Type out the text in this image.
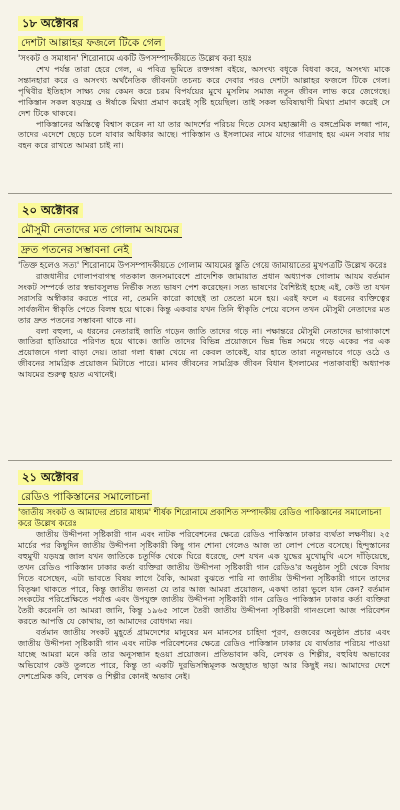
১৮ অক্টোবর
দেশটা আল্লাহর ফজলে টিকে গেল
'সংকট ও সমাধান' শিরোনামে একটি উপসম্পাদকীয়তে উল্লেখ করা হয়ঃ

শেখ পর্যন্ত তারা হেরে গেল, এ পবিত্র ভূমিতে রক্তগঙ্গা বইয়ে, অসংখ্য বধূকে বিধবা করে, অসংখ্য মাকে সন্তানহারা করে ও অসংখ্য অর্থনৈতিক জীবনটা তচনচ করে দেবার পরও দেশটা আল্লাহর ফজলে টিকে গেল। পৃথিবীর ইতিহাস সাক্ষ্য দেয় কেমন করে চরম বিপর্যয়ের মুখে মুসলিম সমাজ নতুন জীবন লাভ করে জেগেছে। পাকিস্তান সকল ষড়যন্ত্র ও ঈর্ষাকে মিথ্যা প্রমাণ করেই সৃষ্টি হয়েছিল। তাই সকল ভবিষ্যদ্বাণী মিথ্যা প্রমাণ করেই সে দেশ টিকে থাকবে।

পাকিস্তানের অস্তিত্বে বিশ্বাস করেন না যা তার আদর্শের পরিচয় দিতে যেসব মহাজ্ঞানী ও বঙ্গপ্রেমিক লজ্জা পান, তাদের এদেশে ছেড়ে চলে যাবার অধিকার আছে। পাকিস্তান ও ইসলামের নামে যাদের গাত্রদাহ হয় এমন সবার দায় বহন করে রাখতে আমরা চাই না।

২০ অক্টোবর
মৌসুমী নেতাদের মত গোলাম আযমের
দ্রুত পতনের সম্ভাবনা নেই
'তিক্ত হলেও সত্য' শিরোনামে উপসম্পাদকীয়তে গোলাম আযমের স্তুতি গেয়ে জামায়াতের মুখপত্রটি উল্লেখ করেঃ

রাজধানীর গোলাপবাগস্থ গতকাল জনসমাবেশে প্রাদেশিক জামায়াত প্রধান অধ্যাপক গোলাম আযম বর্তমান সংকট সম্পর্কে তার স্বভাবসুলভ নির্ভীক সত্য ভাষণ পেশ করেছেন। সত্য ভাষণের বৈশিষ্ট্যই হচ্ছে এই, কেউ তা যখন সরাসরি অস্বীকার করতে পারে না, তেমনি কারো কাছেই তা তেতো মনে হয়। এরই ফলে এ ধরনের ব্যক্তিত্বের সার্বজনীন স্বীকৃতি পেতে বিলম্ব হয়ে থাকে। কিন্তু একবার যখন তিনি স্বীকৃতি পেয়ে বসেন তখন মৌসুমী নেতাদের মত তার দ্রুত পতনের সম্ভাবনা থাকে না।

বলা বহুল্য, এ ধরনের নেতারাই জাতি গড়েন জাতি তাদের গড়ে না। পক্ষান্তরে মৌসুমী নেতাদের ভাগ্যাকাশে জাতিরা হাতিয়ারে পরিণত হয়ে থাকে। জাতি তাদের বিভিন্ন প্রয়োজনে ভিন্ন ভিন্ন সময়ে গড়ে একের পর এক প্রয়োজনে গলা বাড়া দেয়। তারা গলা ধাক্কা খেয়ে না কেবল তাকেই, যার হাতে তারা নতুনভাবে গড়ে ওঠে ও জীবনের সামগ্রিক প্রয়োজন মিটাতে পারে। মানব জীবনের সামগ্রিক জীবন বিধান ইসলামের পতাকাবাহী অধ্যাপক আযমের শুরুত্ব হয়ত এখানেই।

২১ অক্টোবর
রেডিও পাকিস্তানের সমালোচনা
'জাতীয় সংকট ও আমাদের প্রচার মাধ্যম' শীর্ষক শিরোনামে প্রকাশিত সম্পাদকীয় রেডিও পাকিস্তানের সমালোচনা করে উল্লেখ করেঃ

জাতীয় উদ্দীপনা সৃষ্টিকারী গান এবং নাটক পরিবেশনের ক্ষেত্রে রেডিও পাকিস্তান ঢাকার ব্যর্থতা লক্ষণীয়। ২৫ মার্চের পর কিছুদিন জাতীয় উদ্দীপনা সৃষ্টিকারী কিছু গান শোনা গেলেও আজ তা লোপ পেতে বসেছে। হিন্দুস্তানের বহুমুখী যড়যন্ত্র জাল যখন জাতিকে চতুর্দিক থেকে ঘিরে ধরেছে, দেশ যখন এক যুদ্ধের মুখোমুখি এসে দাঁড়িয়েছে, তখন রেডিও পাকিস্তান ঢাকার কর্তা ব্যক্তিরা জাতীয় উদ্দীপনা সৃষ্টিকারী গান রেডিও'র অনুষ্ঠান সূচী থেকে বিদায় দিতে বসেছেন, এটা ভাবতে বিষয় লাগে বৈকি, আমরা বুঝতে পারি না জাতীয় উদ্দীপনা সৃষ্টিকারী গানে তাদের বিতৃষ্ণা থাকতে পারে, কিন্তু জাতীয় জনতা যে তার আজ আমরা প্রয়োজন, একথা তারা ভুলে যান কেন? বর্তমান সংকটের পরিপ্রেক্ষিতে পর্যাপ্ত এবং উপযুক্ত জাতীয় উদ্দীপনা সৃষ্টিকারী গান রেডিও পাকিস্তান ঢাকার কর্তা ব্যক্তিরা তৈরী করেননি তা আমরা জানি, কিন্তু ১৯৬৫ সালে তৈরী জাতীয় উদ্দীপনা সৃষ্টিকারী গানগুলো আজ পরিবেশন করতে আপত্তি যে কোথায়, তা আমাদের বোধগম্য নয়।

বর্তমান জাতীয় সংকট মুহূর্তে গ্রামদেশের মানুষের মন মানসের চাহিদা পূরণ, গুজবের অনুষ্ঠান প্রচার এবং জাতীয় উদ্দীপনা সৃষ্টিকারী গান এবং নাটক পরিবেশনের ক্ষেত্রে রেডিও পাকিস্তান ঢাকার যে ব্যর্থতার পরিচয় পাওয়া যাচ্ছে আমরা মনে করি তার অনুসন্ধান হওয়া প্রয়োজন। প্রতিভাবান কবি, লেখক ও শিল্পীর, বহুবিধ অভাবের অভিযোগ কেউ তুলতে পারে, কিন্তু তা একটি দুরভিসন্ধিমূলক অজুহাত ছাড়া আর কিছুই নয়। আমাদের দেশে দেশপ্রেমিক কবি, লেখক ও শিল্পীর কোনই অভাব নেই।
